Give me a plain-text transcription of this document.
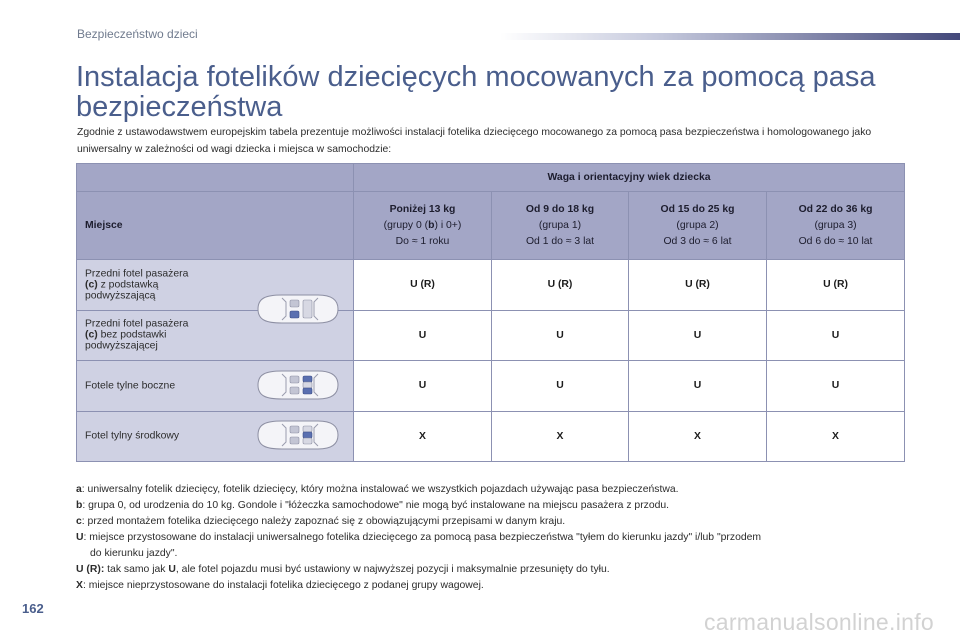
Bezpieczeństwo dzieci
Instalacja fotelików dziecięcych mocowanych za pomocą pasa bezpieczeństwa

Zgodnie z ustawodawstwem europejskim tabela prezentuje możliwości instalacji fotelika dziecięcego mocowanego za pomocą pasa bezpieczeństwa i homologowanego jako uniwersalny w zależności od wagi dziecka i miejsca w samochodzie:

	Waga i orientacyjny wiek dziecka			
Miejsce	Poniżej 13 kg
(grupy 0 (b) i 0+)
Do ≈ 1 roku	Od 9 do 18 kg
(grupa 1)
Od 1 do ≈ 3 lat	Od 15 do 25 kg
(grupa 2)
Od 3 do ≈ 6 lat	Od 22 do 36 kg
(grupa 3)
Od 6 do ≈ 10 lat

Przedni fotel pasażera
(c) z podstawką
podwyższającą	U (R)	U (R)	U (R)	U (R)

Przedni fotel pasażera
(c) bez podstawki
podwyższającej	U	U	U	U

Fotele tylne boczne	U	U	U	U

Fotel tylny środkowy	X	X	X	X
a: uniwersalny fotelik dziecięcy, fotelik dziecięcy, który można instalować we wszystkich pojazdach używając pasa bezpieczeństwa.
b: grupa 0, od urodzenia do 10 kg. Gondole i "łóżeczka samochodowe" nie mogą być instalowane na miejscu pasażera z przodu.
c: przed montażem fotelika dziecięcego należy zapoznać się z obowiązującymi przepisami w danym kraju.
U: miejsce przystosowane do instalacji uniwersalnego fotelika dziecięcego za pomocą pasa bezpieczeństwa "tyłem do kierunku jazdy" i/lub "przodem
do kierunku jazdy".
U (R): tak samo jak U, ale fotel pojazdu musi być ustawiony w najwyższej pozycji i maksymalnie przesunięty do tyłu.
X: miejsce nieprzystosowane do instalacji fotelika dziecięcego z podanej grupy wagowej.
162
carmanualsonline.info
